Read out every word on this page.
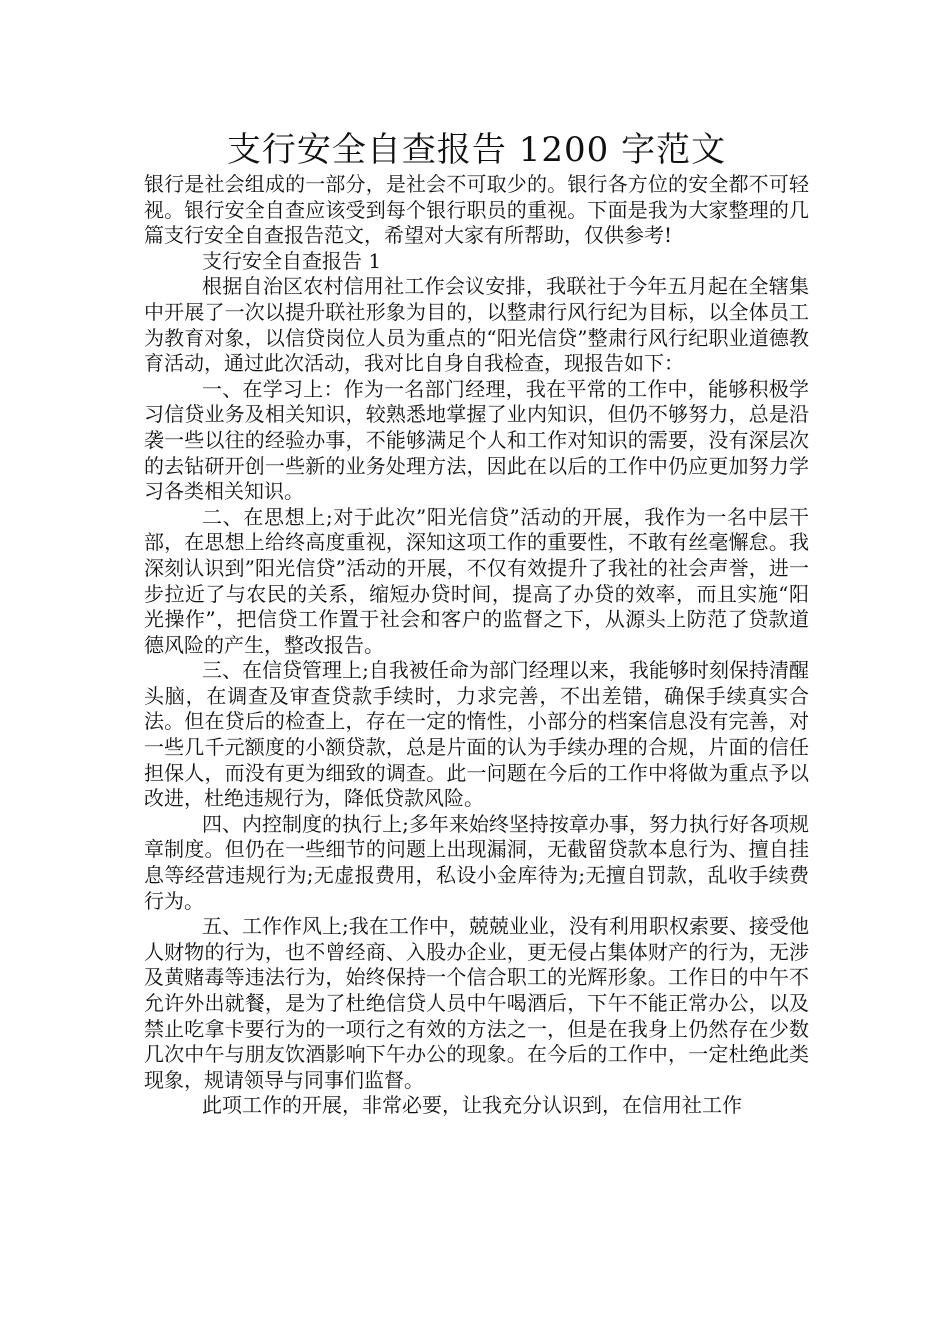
支行安全自查报告 1200 字范文

银行是社会组成的一部分，是社会不可取少的。银行各方位的安全都不可轻视。银行安全自查应该受到每个银行职员的重视。下面是我为大家整理的几篇支行安全自查报告范文，希望对大家有所帮助，仅供参考!

支行安全自查报告 1

根据自治区农村信用社工作会议安排，我联社于今年五月起在全辖集中开展了一次以提升联社形象为目的，以整肃行风行纪为目标，以全体员工为教育对象，以信贷岗位人员为重点的“阳光信贷”整肃行风行纪职业道德教育活动，通过此次活动，我对比自身自我检查，现报告如下：

一、在学习上：作为一名部门经理，我在平常的工作中，能够积极学习信贷业务及相关知识，较熟悉地掌握了业内知识，但仍不够努力，总是沿袭一些以往的经验办事，不能够满足个人和工作对知识的需要，没有深层次的去钻研开创一些新的业务处理方法，因此在以后的工作中仍应更加努力学习各类相关知识。

二、在思想上;对于此次”阳光信贷”活动的开展，我作为一名中层干部，在思想上给终高度重视，深知这项工作的重要性，不敢有丝毫懈怠。我深刻认识到”阳光信贷”活动的开展，不仅有效提升了我社的社会声誉，进一步拉近了与农民的关系，缩短办贷时间，提高了办贷的效率，而且实施“阳光操作”，把信贷工作置于社会和客户的监督之下，从源头上防范了贷款道德风险的产生，整改报告。

三、在信贷管理上;自我被任命为部门经理以来，我能够时刻保持清醒头脑，在调查及审查贷款手续时，力求完善，不出差错，确保手续真实合法。但在贷后的检查上，存在一定的惰性，小部分的档案信息没有完善，对一些几千元额度的小额贷款，总是片面的认为手续办理的合规，片面的信任担保人，而没有更为细致的调查。此一问题在今后的工作中将做为重点予以改进，杜绝违规行为，降低贷款风险。

四、内控制度的执行上;多年来始终坚持按章办事，努力执行好各项规章制度。但仍在一些细节的问题上出现漏洞，无截留贷款本息行为、擅自挂息等经营违规行为;无虚报费用，私设小金库待为;无擅自罚款，乱收手续费行为。

五、工作作风上;我在工作中，兢兢业业，没有利用职权索要、接受他人财物的行为，也不曾经商、入股办企业，更无侵占集体财产的行为，无涉及黄赌毒等违法行为，始终保持一个信合职工的光辉形象。工作日的中午不允许外出就餐，是为了杜绝信贷人员中午喝酒后，下午不能正常办公，以及禁止吃拿卡要行为的一项行之有效的方法之一，但是在我身上仍然存在少数几次中午与朋友饮酒影响下午办公的现象。在今后的工作中，一定杜绝此类现象，规请领导与同事们监督。

此项工作的开展，非常必要，让我充分认识到，在信用社工作
